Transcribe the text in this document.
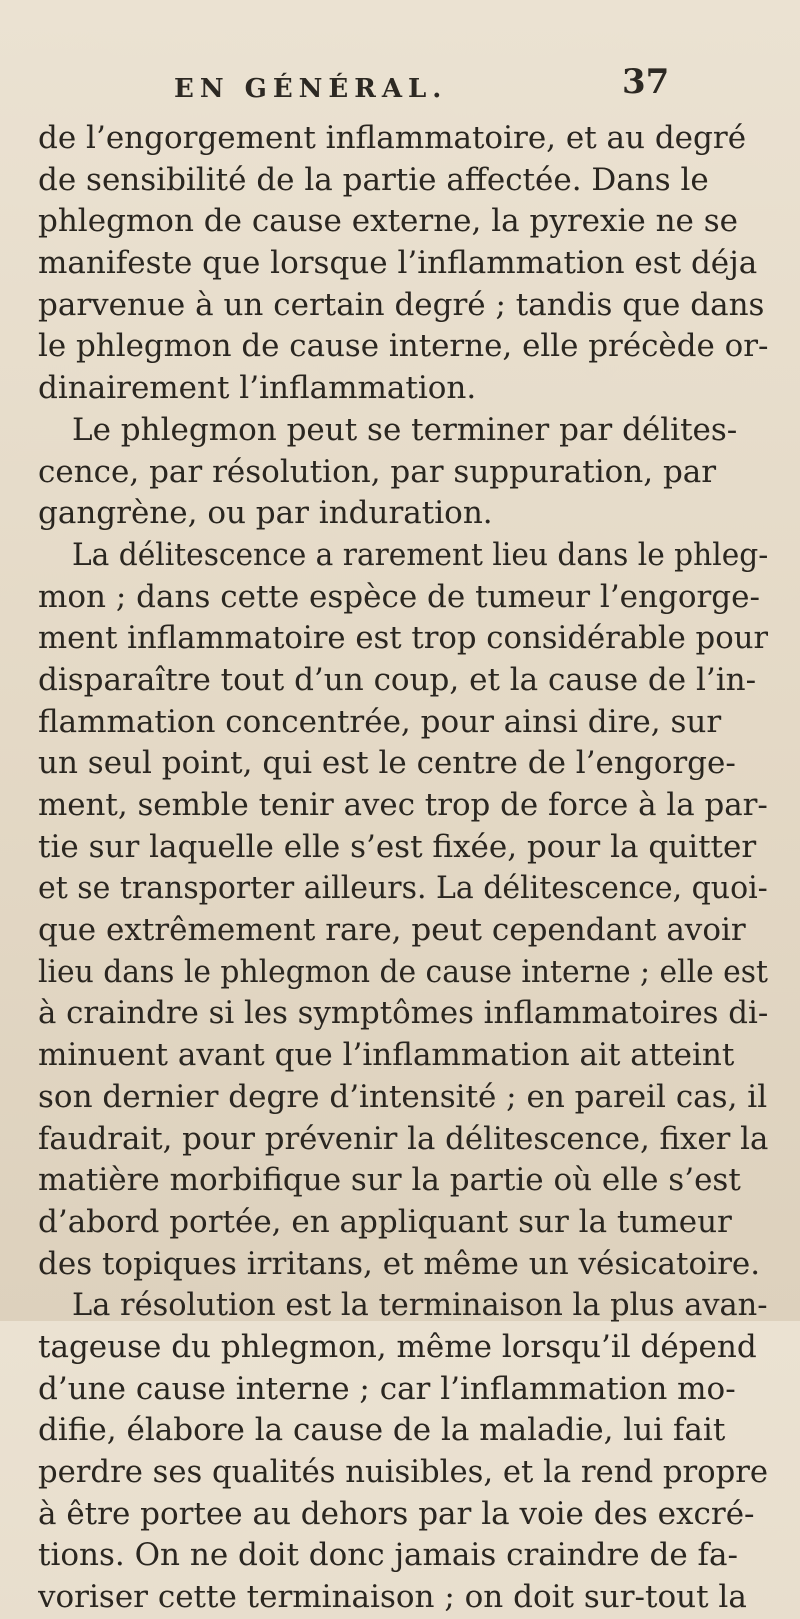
EN GÉNÉRAL.	37
de l’engorgement inflammatoire, et au degré
de sensibilité de la partie affectée. Dans le
phlegmon de cause externe, la pyrexie ne se
manifeste que lorsque l’inflammation est déja
parvenue à un certain degré ; tandis que dans
le phlegmon de cause interne, elle précède or-
dinairement l’inflammation.
Le phlegmon peut se terminer par délites-
cence, par résolution, par suppuration, par
gangrène, ou par induration.
La délitescence a rarement lieu dans le phleg-
mon ; dans cette espèce de tumeur l’engorge-
ment inflammatoire est trop considérable pour
disparaître tout d’un coup, et la cause de l’in-
flammation concentrée, pour ainsi dire, sur
un seul point, qui est le centre de l’engorge-
ment, semble tenir avec trop de force à la par-
tie sur laquelle elle s’est fixée, pour la quitter
et se transporter ailleurs. La délitescence, quoi-
que extrêmement rare, peut cependant avoir
lieu dans le phlegmon de cause interne ; elle est
à craindre si les symptômes inflammatoires di-
minuent avant que l’inflammation ait atteint
son dernier degre d’intensité ; en pareil cas, il
faudrait, pour prévenir la délitescence, fixer la
matière morbifique sur la partie où elle s’est
d’abord portée, en appliquant sur la tumeur
des topiques irritans, et même un vésicatoire.
La résolution est la terminaison la plus avan-
tageuse du phlegmon, même lorsqu’il dépend
d’une cause interne ; car l’inflammation mo-
difie, élabore la cause de la maladie, lui fait
perdre ses qualités nuisibles, et la rend propre
à être portee au dehors par la voie des excré-
tions. On ne doit donc jamais craindre de fa-
voriser cette terminaison ; on doit sur-tout la
